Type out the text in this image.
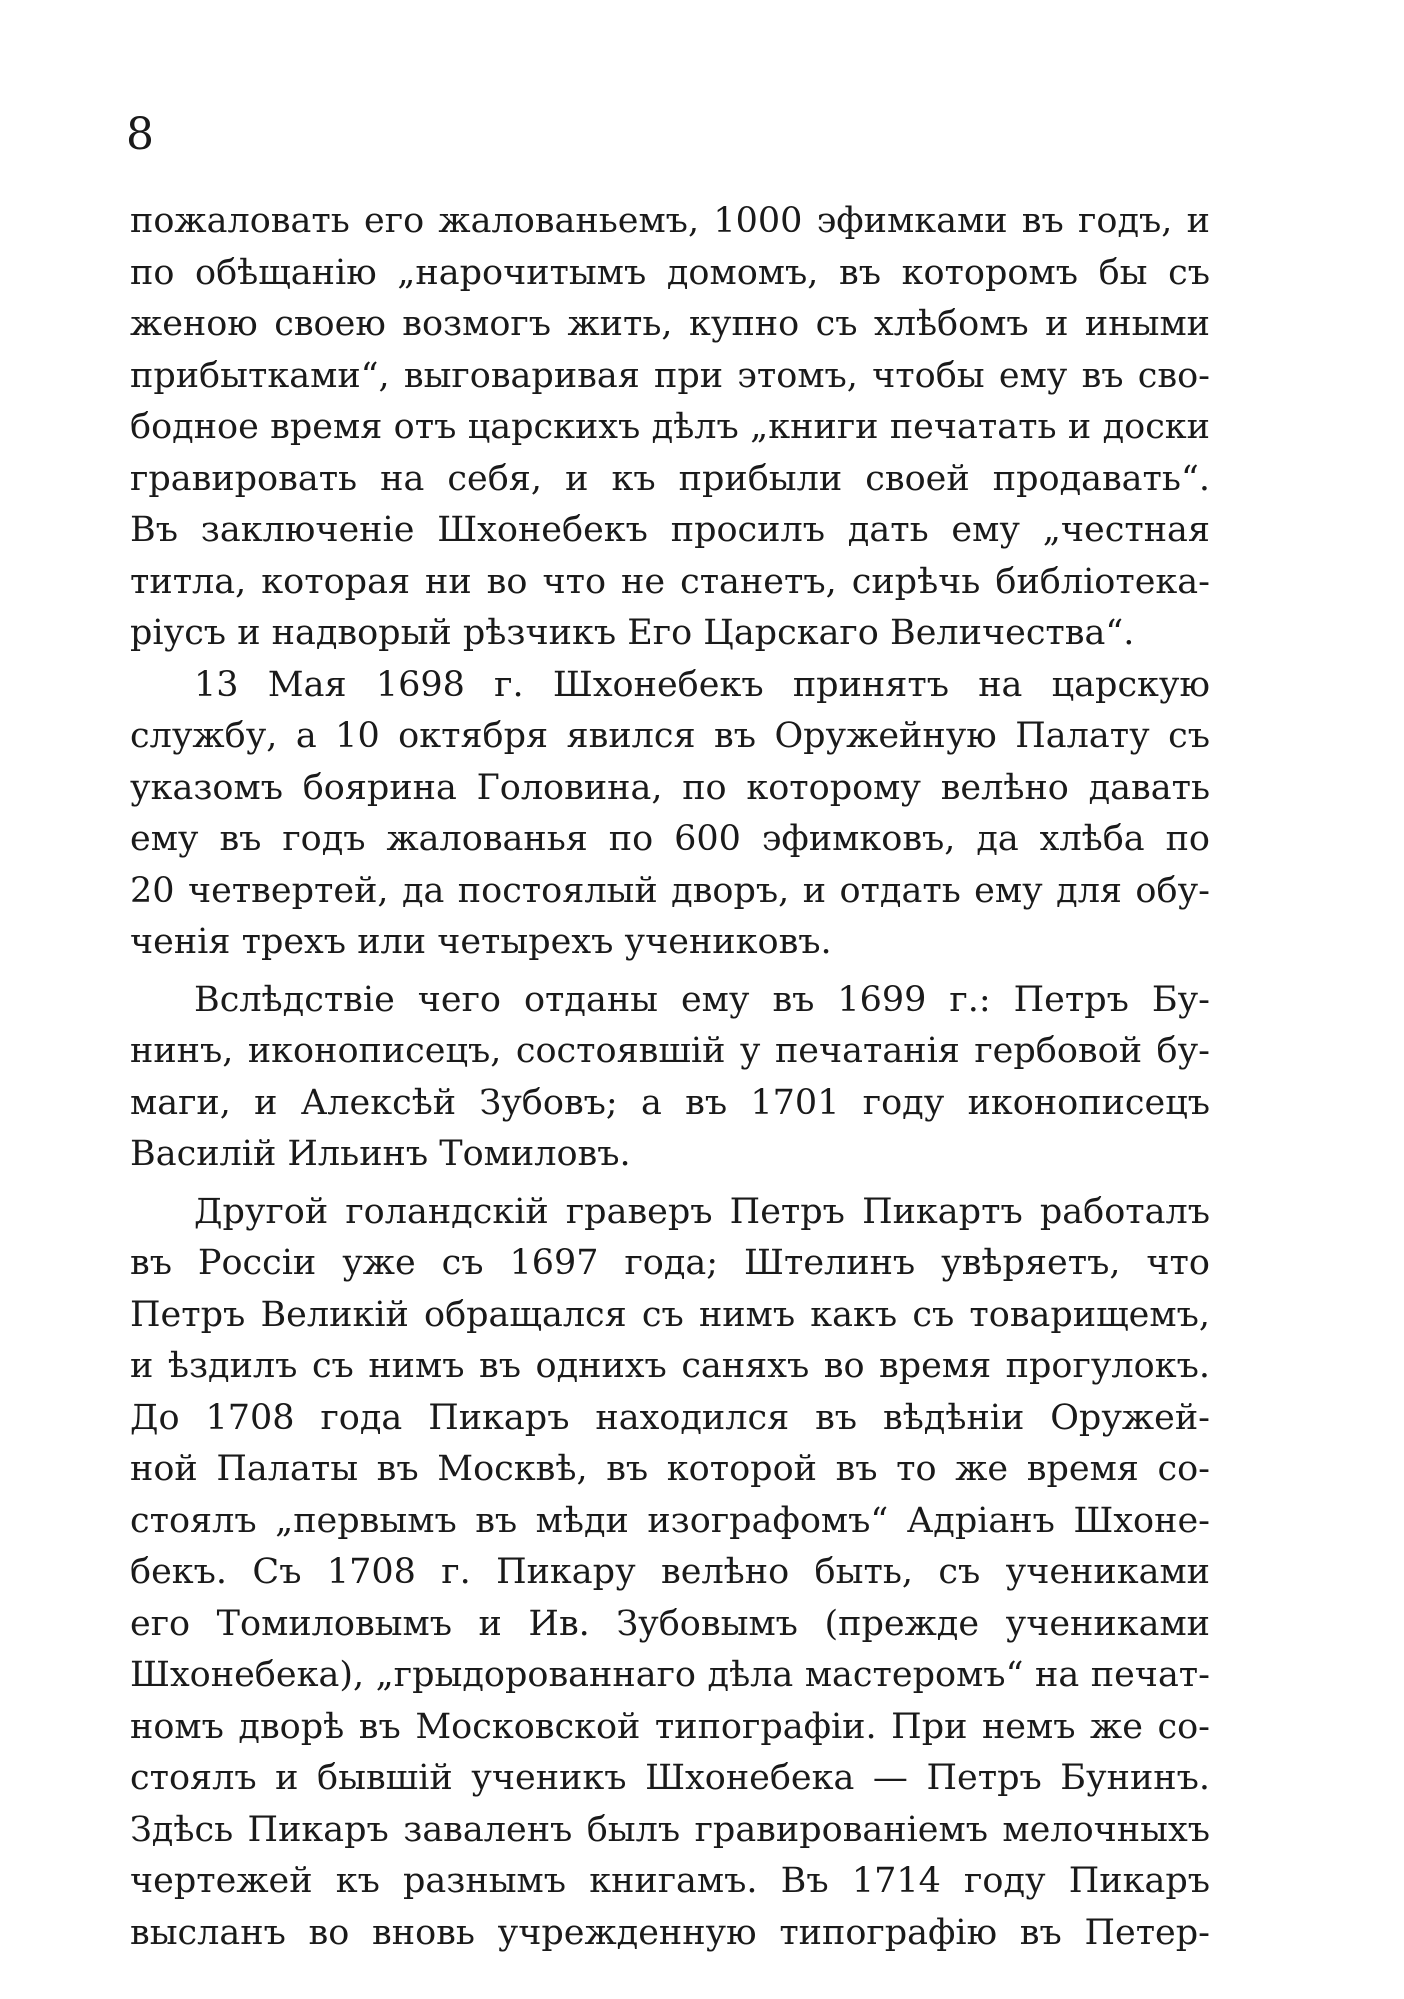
8

пожаловать его жалованьемъ, 1000 эфимками въ годъ, и
по обѣщанію „нарочитымъ домомъ, въ которомъ бы съ
женою своею возмогъ жить, купно съ хлѣбомъ и иными
прибытками“, выговаривая при этомъ, чтобы ему въ сво-
бодное время отъ царскихъ дѣлъ „книги печатать и доски
гравировать на себя, и къ прибыли своей продавать“.
Въ заключеніе Шхонебекъ просилъ дать ему „честная
титла, которая ни во что не станетъ, сирѣчь библіотека-
ріусъ и надворый рѣзчикъ Его Царскаго Величества“.
13 Мая 1698 г. Шхонебекъ принятъ на царскую
службу, а 10 октября явился въ Оружейную Палату съ
указомъ боярина Головина, по которому велѣно давать
ему въ годъ жалованья по 600 эфимковъ, да хлѣба по
20 четвертей, да постоялый дворъ, и отдать ему для обу-
ченія трехъ или четырехъ учениковъ.
Вслѣдствіе чего отданы ему въ 1699 г.: Петръ Бу-
нинъ, иконописецъ, состоявшій у печатанія гербовой бу-
маги, и Алексѣй Зубовъ; а въ 1701 году иконописецъ
Василій Ильинъ Томиловъ.
Другой голандскій граверъ Петръ Пикартъ работалъ
въ Россіи уже съ 1697 года; Штелинъ увѣряетъ, что
Петръ Великій обращался съ нимъ какъ съ товарищемъ,
и ѣздилъ съ нимъ въ однихъ саняхъ во время прогулокъ.
До 1708 года Пикаръ находился въ вѣдѣніи Оружей-
ной Палаты въ Москвѣ, въ которой въ то же время со-
стоялъ „первымъ въ мѣди изографомъ“ Адріанъ Шхоне-
бекъ. Съ 1708 г. Пикару велѣно быть, съ учениками
его Томиловымъ и Ив. Зубовымъ (прежде учениками
Шхонебека), „грыдорованнаго дѣла мастеромъ“ на печат-
номъ дворѣ въ Московской типографіи. При немъ же со-
стоялъ и бывшій ученикъ Шхонебека — Петръ Бунинъ.
Здѣсь Пикаръ заваленъ былъ гравированіемъ мелочныхъ
чертежей къ разнымъ книгамъ. Въ 1714 году Пикаръ
высланъ во вновь учрежденную типографію въ Петер-
